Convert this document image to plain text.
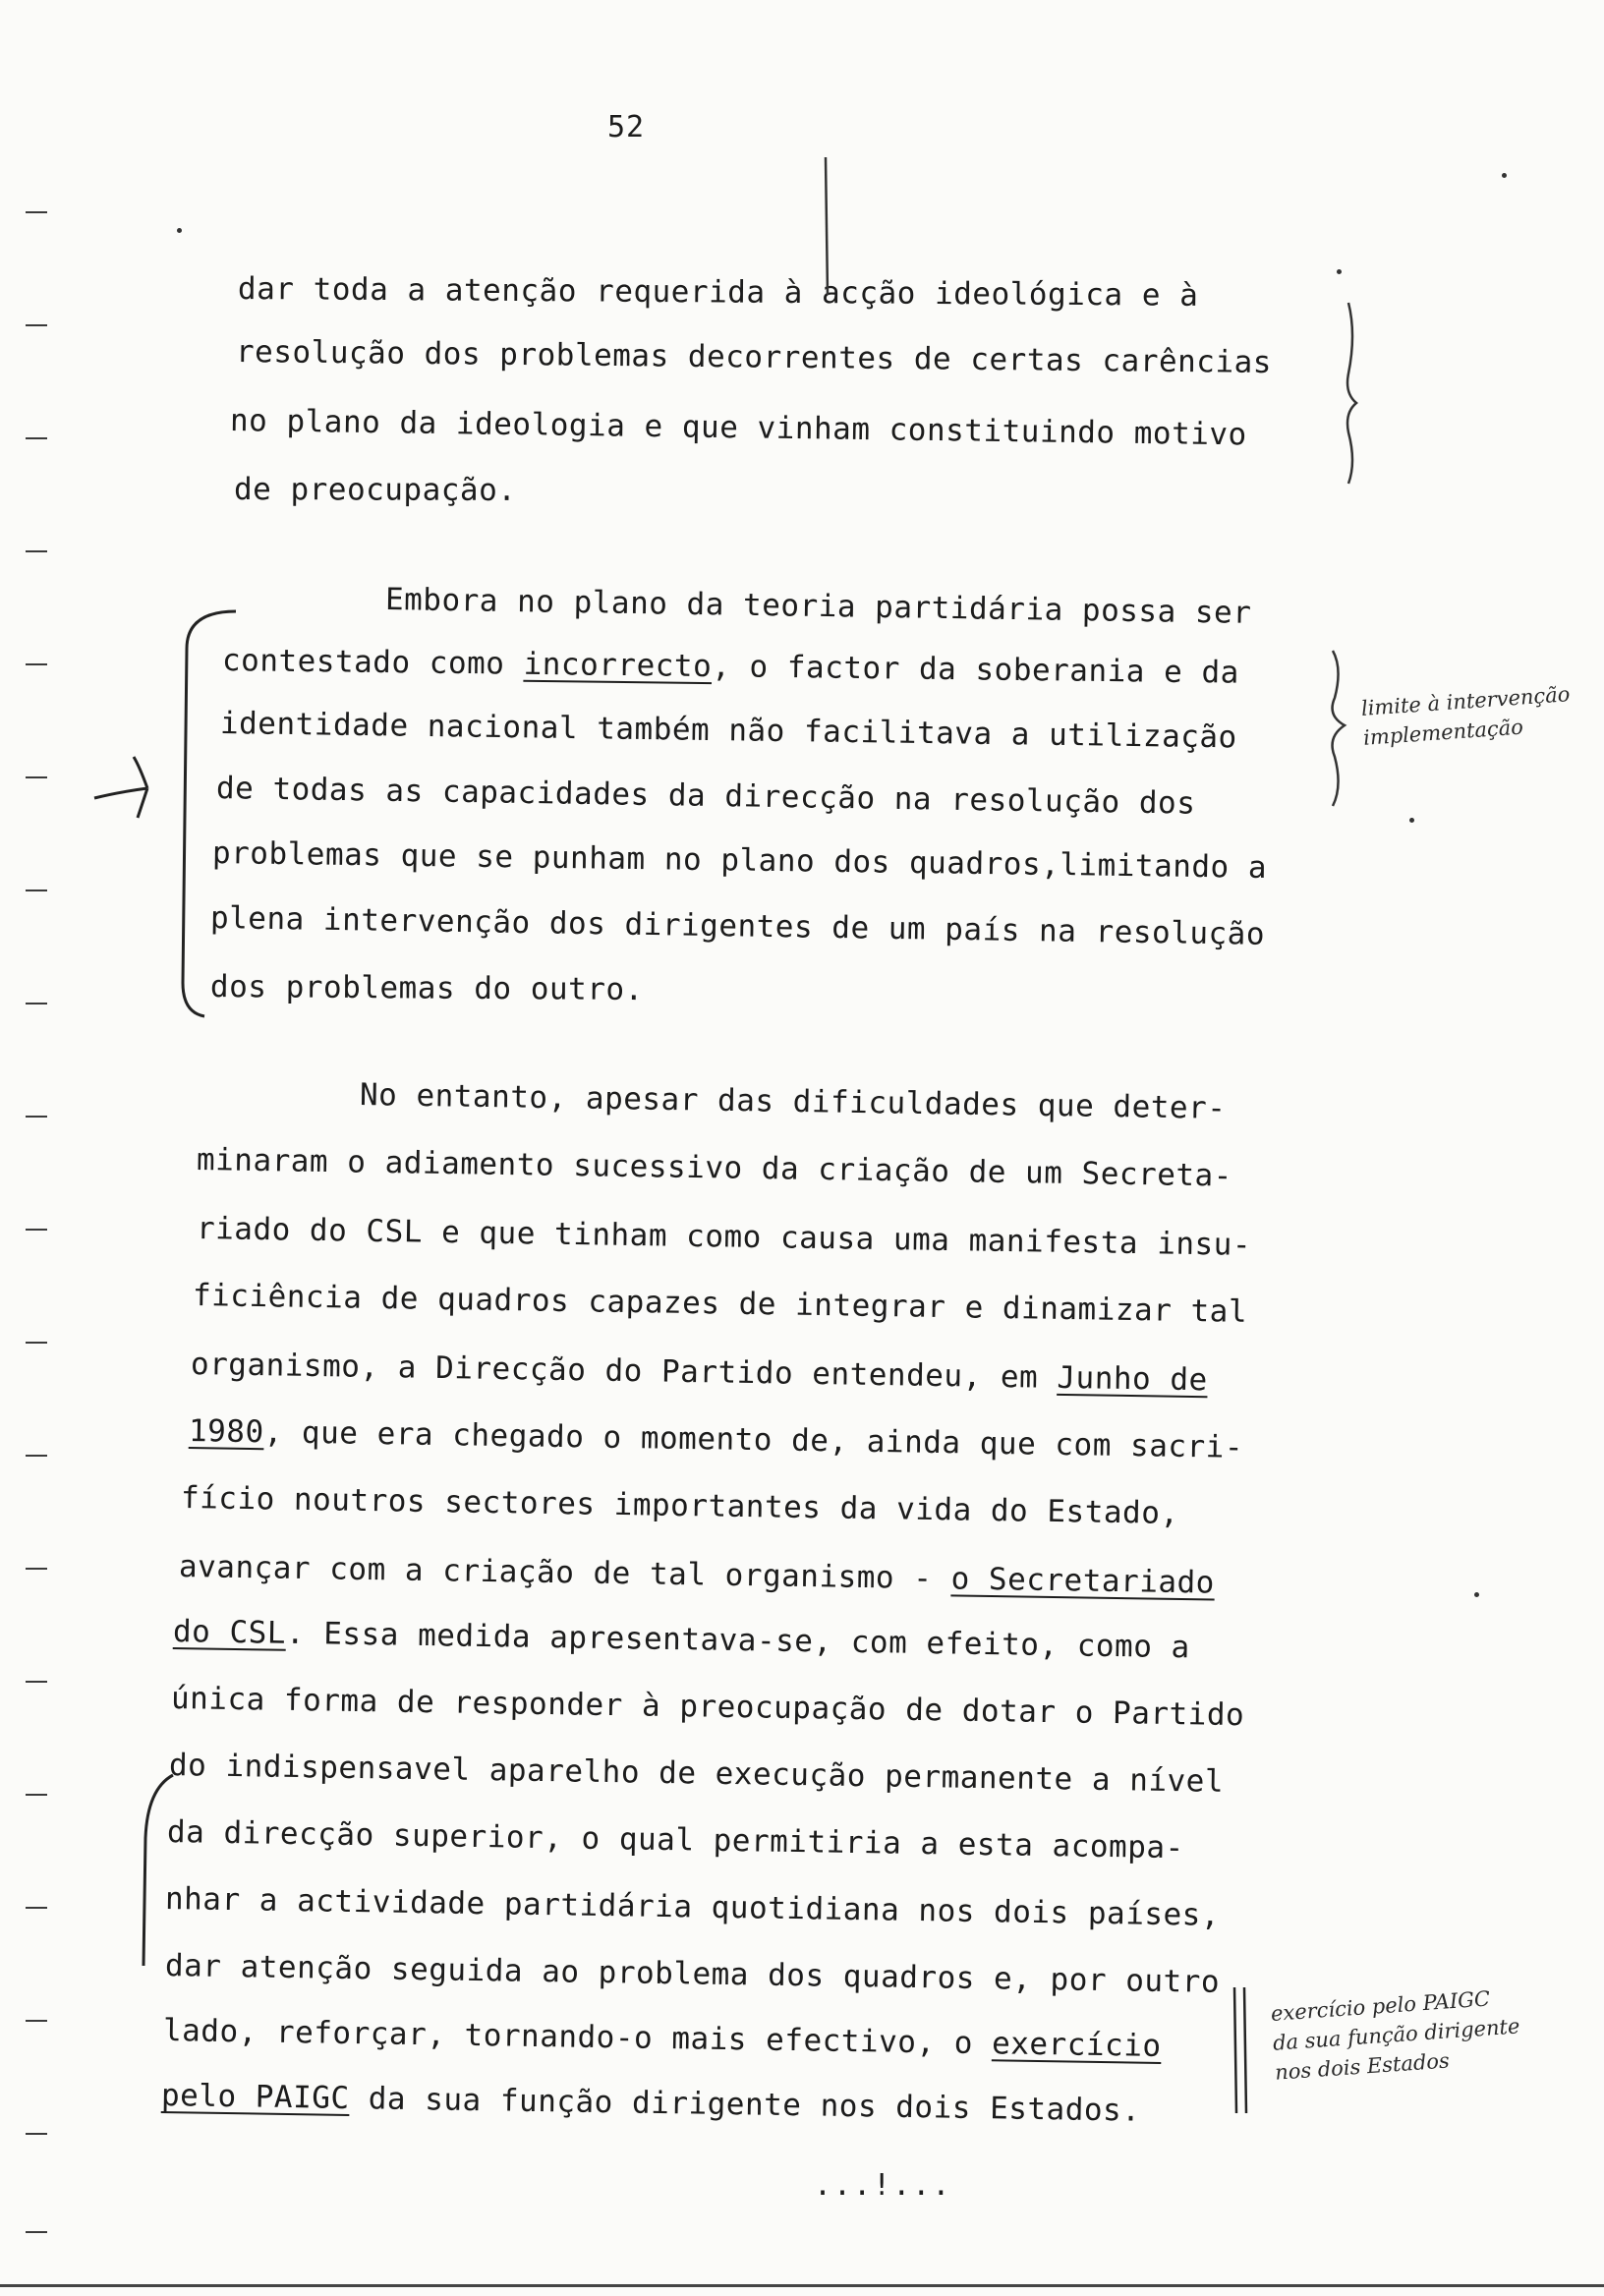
52
dar toda a atenção requerida à acção ideológica e à
resolução dos problemas decorrentes de certas carências
no plano da ideologia e que vinham constituindo motivo
de preocupação.
Embora no plano da teoria partidária possa ser
contestado como incorrecto, o factor da soberania e da
identidade nacional também não facilitava a utilização
de todas as capacidades da direcção na resolução dos
problemas que se punham no plano dos quadros,limitando a
plena intervenção dos dirigentes de um país na resolução
dos problemas do outro.
No entanto, apesar das dificuldades que deter-
minaram o adiamento sucessivo da criação de um Secreta-
riado do CSL e que tinham como causa uma manifesta insu-
ficiência de quadros capazes de integrar e dinamizar tal
organismo, a Direcção do Partido entendeu, em Junho de
1980, que era chegado o momento de, ainda que com sacri-
fício noutros sectores importantes da vida do Estado,
avançar com a criação de tal organismo - o Secretariado
do CSL. Essa medida apresentava-se, com efeito, como a
única forma de responder à preocupação de dotar o Partido
do indispensavel aparelho de execução permanente a nível
da direcção superior, o qual permitiria a esta acompa-
nhar a actividade partidária quotidiana nos dois países,
dar atenção seguida ao problema dos quadros e, por outro
lado, reforçar, tornando-o mais efectivo, o exercício
pelo PAIGC da sua função dirigente nos dois Estados.
limite à intervenção
implementação
exercício pelo PAIGC
da sua função dirigente
nos dois Estados
...!...
